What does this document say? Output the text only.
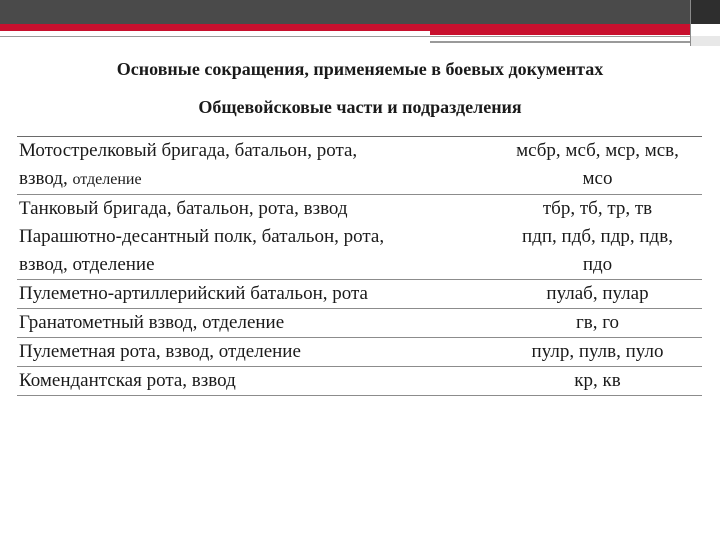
Основные сокращения, применяемые в боевых документах
Общевойсковые части и подразделения
Мотострелковый бригада, батальон, рота,
взвод, отделение	мсбр, мсб, мср, мсв,
мсо
Танковый бригада, батальон, рота, взвод	тбр, тб, тр, тв
Парашютно-десантный полк, батальон, рота,
взвод, отделение	пдп, пдб, пдр, пдв,
пдо
Пулеметно-артиллерийский батальон, рота	пулаб, пулар
Гранатометный взвод, отделение	гв, го
Пулеметная рота, взвод, отделение	пулр, пулв, пуло
Комендантская рота, взвод	кр, кв
